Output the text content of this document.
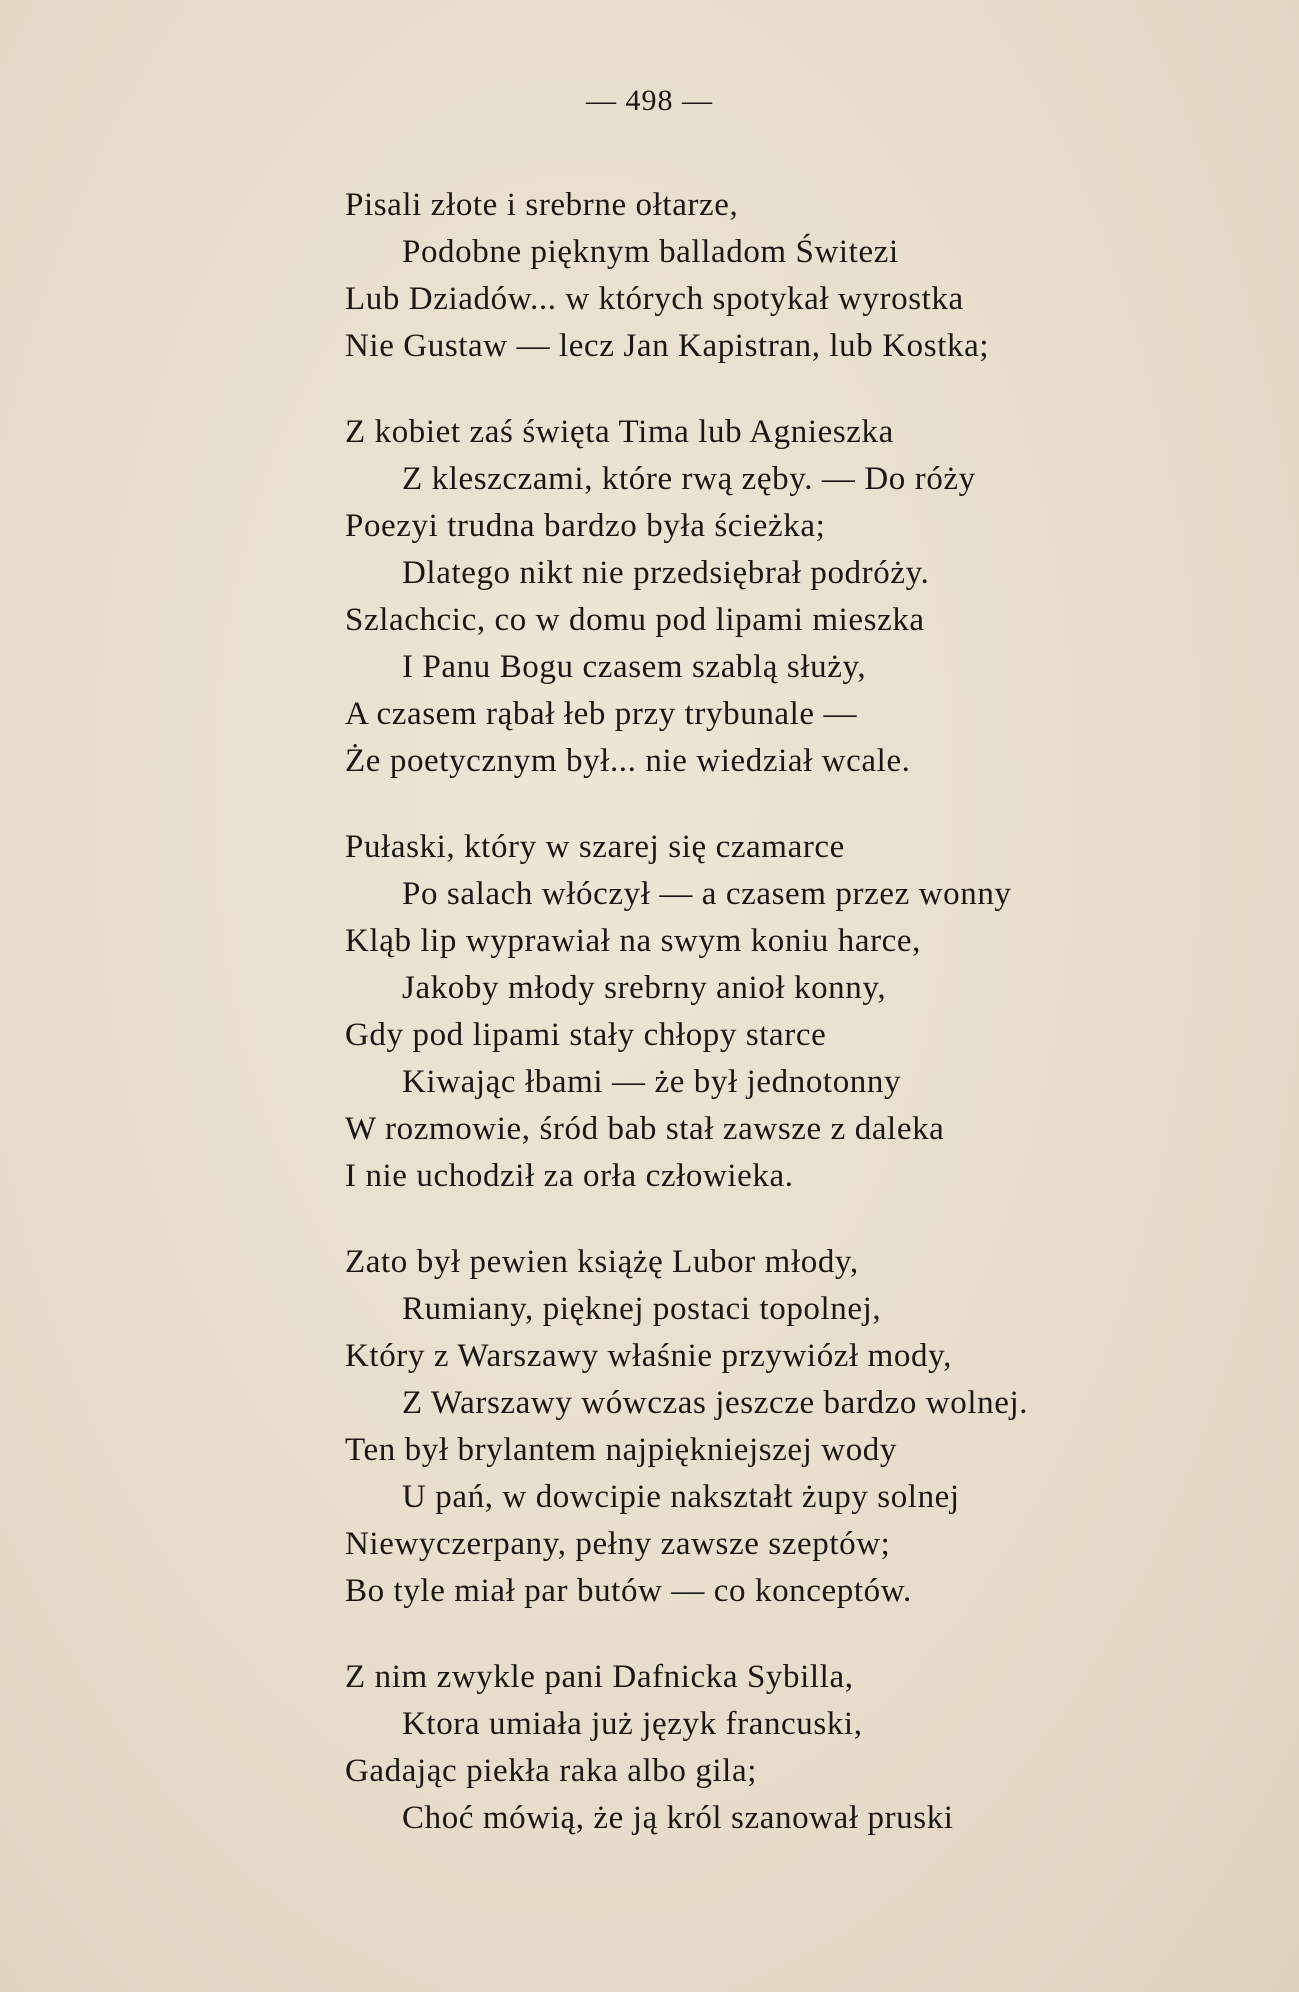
— 498 —
Pisali złote i srebrne ołtarze,
Podobne pięknym balladom Świtezi
Lub Dziadów... w których spotykał wyrostka
Nie Gustaw — lecz Jan Kapistran, lub Kostka;
Z kobiet zaś święta Tima lub Agnieszka
Z kleszczami, które rwą zęby. — Do róży
Poezyi trudna bardzo była ścieżka;
Dlatego nikt nie przedsiębrał podróży.
Szlachcic, co w domu pod lipami mieszka
I Panu Bogu czasem szablą służy,
A czasem rąbał łeb przy trybunale —
Że poetycznym był... nie wiedział wcale.
Pułaski, który w szarej się czamarce
Po salach włóczył — a czasem przez wonny
Kląb lip wyprawiał na swym koniu harce,
Jakoby młody srebrny anioł konny,
Gdy pod lipami stały chłopy starce
Kiwając łbami — że był jednotonny
W rozmowie, śród bab stał zawsze z daleka
I nie uchodził za orła człowieka.
Zato był pewien książę Lubor młody,
Rumiany, pięknej postaci topolnej,
Który z Warszawy właśnie przywiózł mody,
Z Warszawy wówczas jeszcze bardzo wolnej.
Ten był brylantem najpiękniejszej wody
U pań, w dowcipie nakształt żupy solnej
Niewyczerpany, pełny zawsze szeptów;
Bo tyle miał par butów — co konceptów.
Z nim zwykle pani Dafnicka Sybilla,
Ktora umiała już język francuski,
Gadając piekła raka albo gila;
Choć mówią, że ją król szanował pruski
